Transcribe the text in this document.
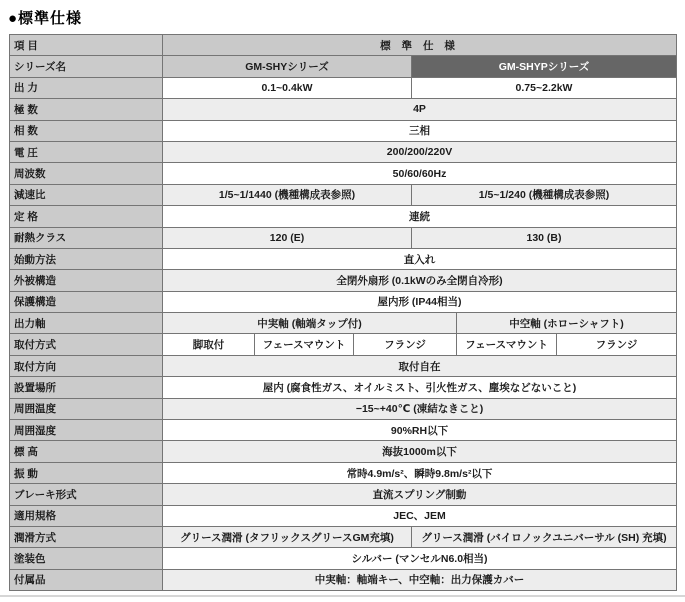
●標準仕様
項 目	標 準 仕 様					
シリーズ名	GM-SHYシリーズ			GM-SHYPシリーズ		
出 力	0.1~0.4kW			0.75~2.2kW		
極 数	4P					
相 数	三相					
電 圧	200/200/220V					
周波数	50/60/60Hz					
減速比	1/5~1/1440 (機種構成表参照)			1/5~1/240 (機種構成表参照)		
定 格	連続					
耐熱クラス	120 (E)			130 (B)		
始動方法	直入れ					
外被構造	全閉外扇形 (0.1kWのみ全閉自冷形)					
保護構造	屋内形 (IP44相当)					
出力軸	中実軸 (軸端タップ付)				中空軸 (ホローシャフト)	
取付方式	脚取付	フェースマウント	フランジ		フェースマウント	フランジ
取付方向	取付自在					
設置場所	屋内 (腐食性ガス、オイルミスト、引火性ガス、塵埃などないこと)					
周囲温度	−15~+40℃ (凍結なきこと)					
周囲湿度	90%RH以下					
標 高	海抜1000m以下					
振 動	常時4.9m/s²、瞬時9.8m/s²以下					
ブレーキ形式	直流スプリング制動					
適用規格	JEC、JEM					
潤滑方式	グリース潤滑 (タフリックスグリースGM充填)			グリース潤滑 (バイロノックユニバーサル (SH) 充填)		
塗装色	シルバー (マンセルN6.0相当)					
付属品	中実軸：軸端キー、中空軸：出力保護カバー					
